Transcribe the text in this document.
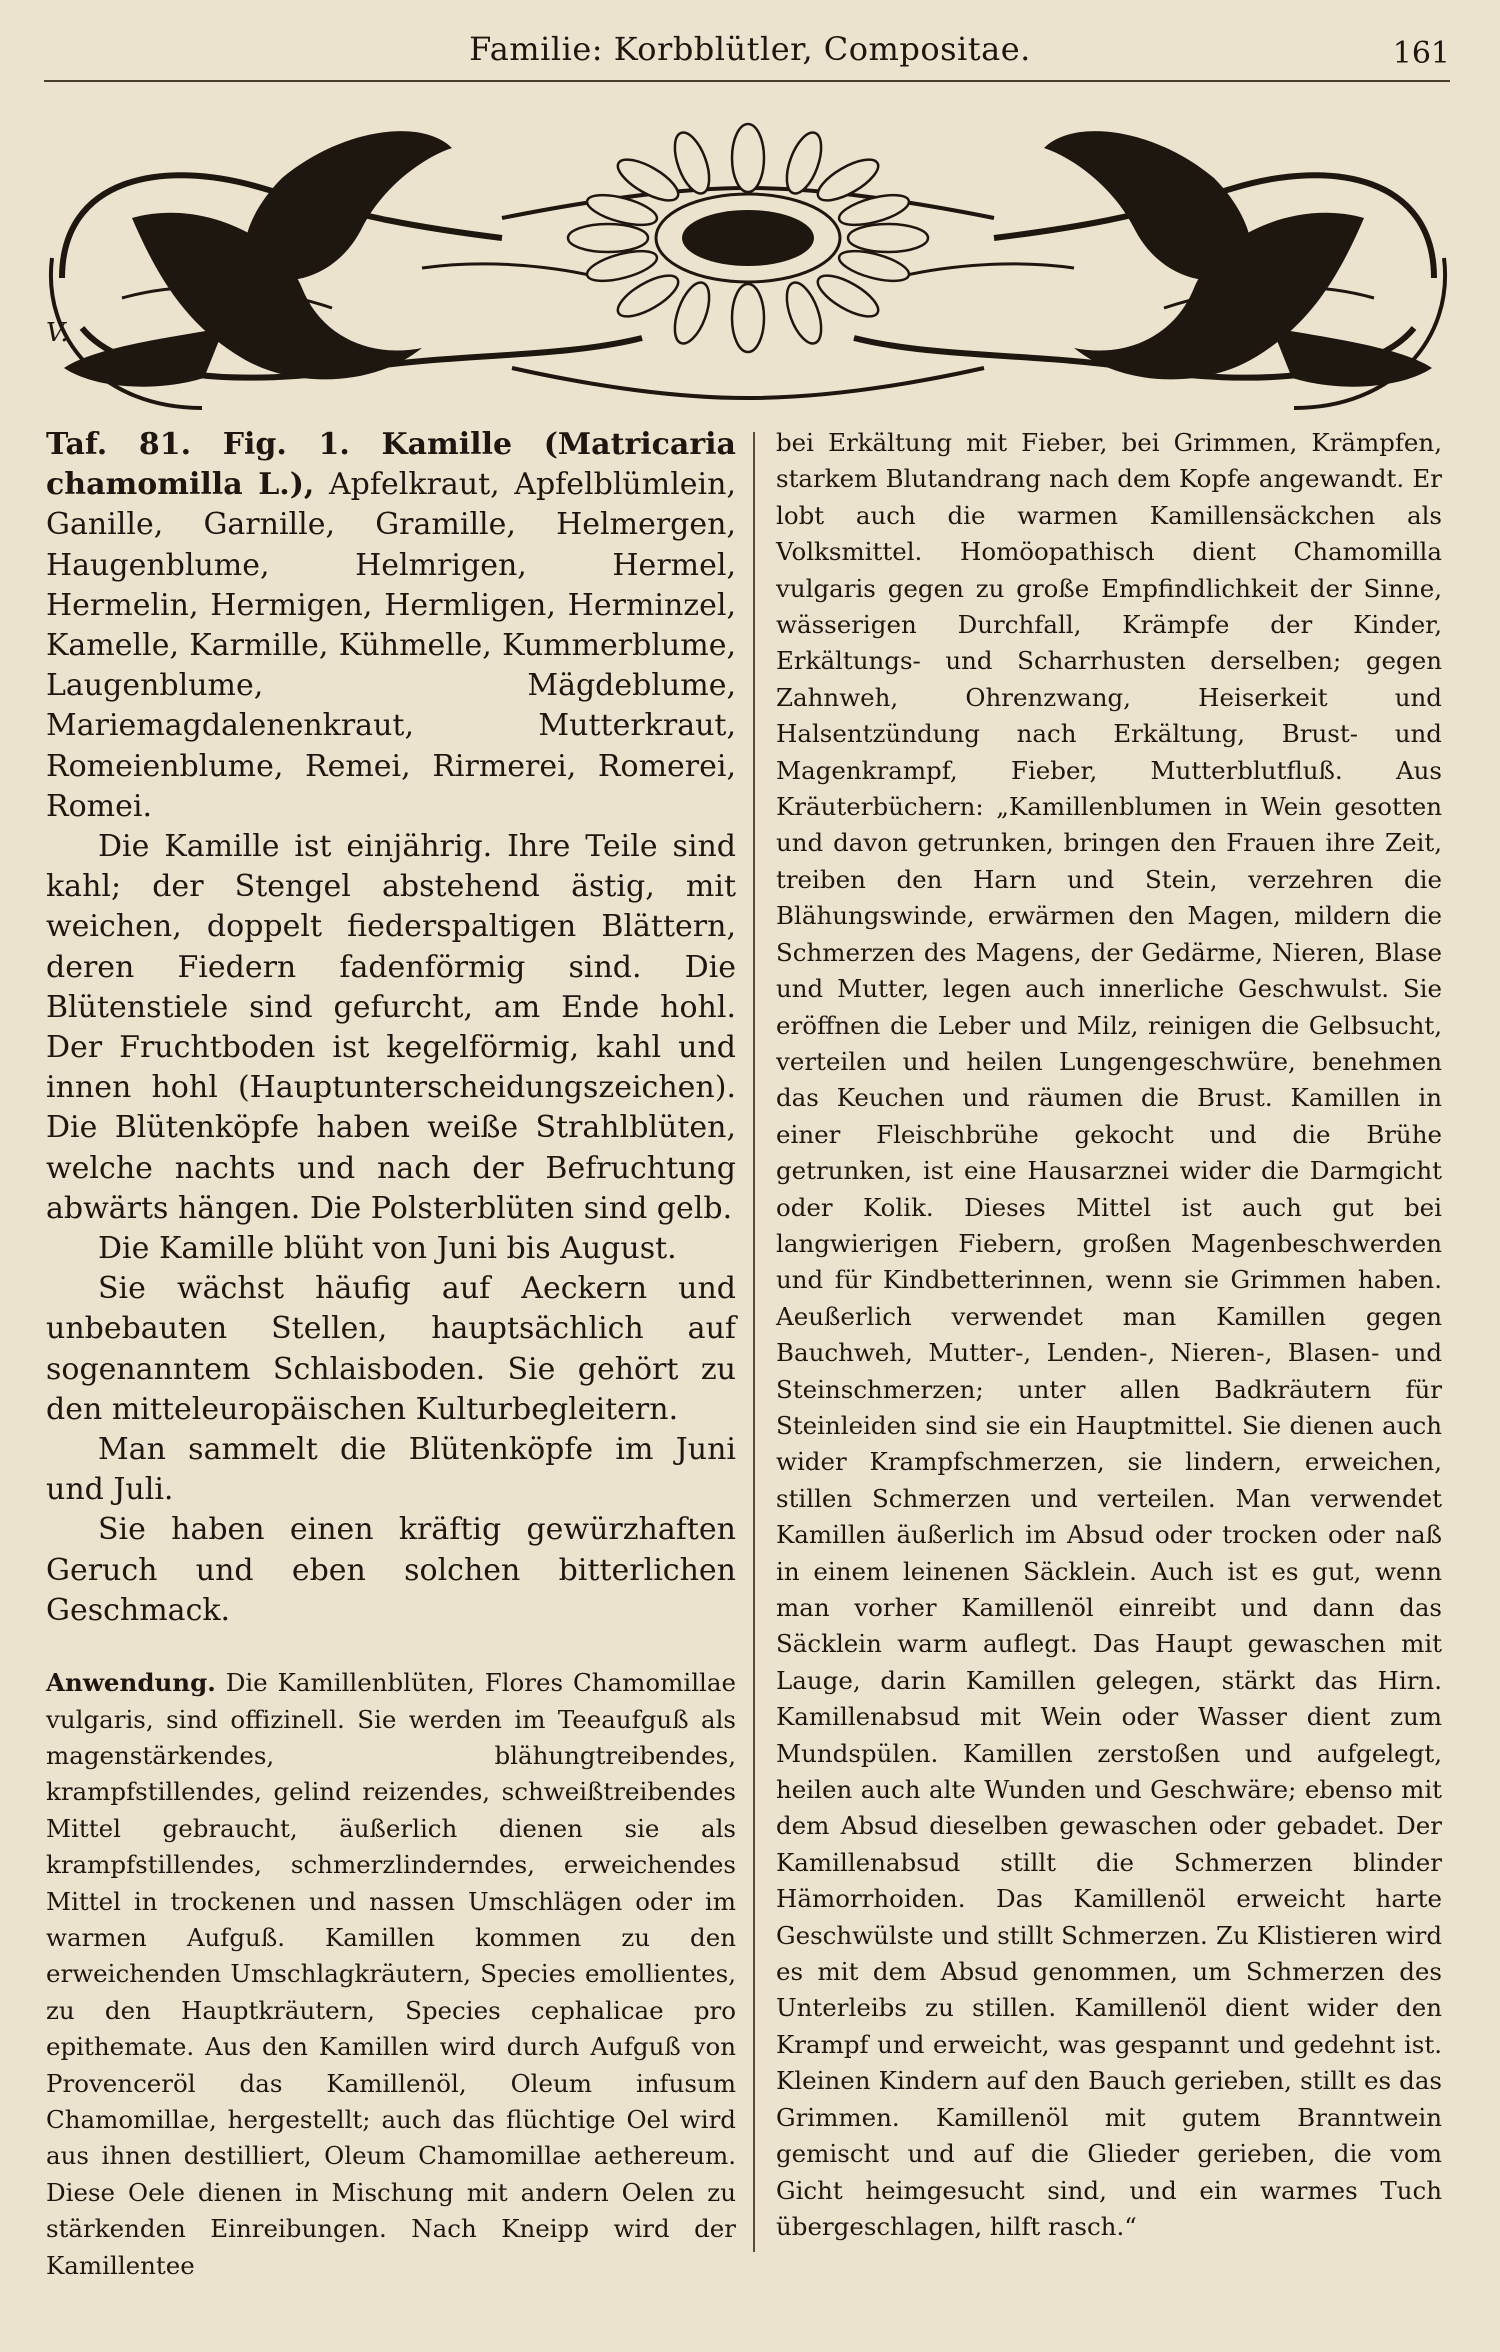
Familie: Korbblütler, Compositae.	161
V.

Taf. 81. Fig. 1. Kamille (Matricaria chamomilla L.), Apfelkraut, Apfelblümlein, Ganille, Garnille, Gramille, Helmergen, Haugenblume, Helmrigen, Hermel, Hermelin, Hermigen, Hermligen, Herminzel, Kamelle, Karmille, Kühmelle, Kummerblume, Laugenblume, Mägdeblume, Mariemagdalenenkraut, Mutterkraut, Romeienblume, Remei, Rirmerei, Romerei, Romei.

Die Kamille ist einjährig. Ihre Teile sind kahl; der Stengel abstehend ästig, mit weichen, doppelt fiederspaltigen Blättern, deren Fiedern fadenförmig sind. Die Blütenstiele sind gefurcht, am Ende hohl. Der Fruchtboden ist kegelförmig, kahl und innen hohl (Hauptunterscheidungszeichen). Die Blütenköpfe haben weiße Strahlblüten, welche nachts und nach der Befruchtung abwärts hängen. Die Polsterblüten sind gelb.

Die Kamille blüht von Juni bis August.

Sie wächst häufig auf Aeckern und unbebauten Stellen, hauptsächlich auf sogenanntem Schlaisboden. Sie gehört zu den mitteleuropäischen Kulturbegleitern.

Man sammelt die Blütenköpfe im Juni und Juli.

Sie haben einen kräftig gewürzhaften Geruch und eben solchen bitterlichen Geschmack.

Anwendung. Die Kamillenblüten, Flores Chamomillae vulgaris, sind offizinell. Sie werden im Teeaufguß als magenstärkendes, blähungtreibendes, krampfstillendes, gelind reizendes, schweißtreibendes Mittel gebraucht, äußerlich dienen sie als krampfstillendes, schmerzlinderndes, erweichendes Mittel in trockenen und nassen Umschlägen oder im warmen Aufguß. Kamillen kommen zu den erweichenden Umschlagkräutern, Species emollientes, zu den Hauptkräutern, Species cephalicae pro epithemate. Aus den Kamillen wird durch Aufguß von Provenceröl das Kamillenöl, Oleum infusum Chamomillae, hergestellt; auch das flüchtige Oel wird aus ihnen destilliert, Oleum Chamomillae aethereum. Diese Oele dienen in Mischung mit andern Oelen zu stärkenden Einreibungen. Nach Kneipp wird der Kamillentee

bei Erkältung mit Fieber, bei Grimmen, Krämpfen, starkem Blutandrang nach dem Kopfe angewandt. Er lobt auch die warmen Kamillensäckchen als Volksmittel. Homöopathisch dient Chamomilla vulgaris gegen zu große Empfindlichkeit der Sinne, wässerigen Durchfall, Krämpfe der Kinder, Erkältungs- und Scharrhusten derselben; gegen Zahnweh, Ohrenzwang, Heiserkeit und Halsentzündung nach Erkältung, Brust- und Magenkrampf, Fieber, Mutterblutfluß. Aus Kräuterbüchern: „Kamillenblumen in Wein gesotten und davon getrunken, bringen den Frauen ihre Zeit, treiben den Harn und Stein, verzehren die Blähungswinde, erwärmen den Magen, mildern die Schmerzen des Magens, der Gedärme, Nieren, Blase und Mutter, legen auch innerliche Geschwulst. Sie eröffnen die Leber und Milz, reinigen die Gelbsucht, verteilen und heilen Lungengeschwüre, benehmen das Keuchen und räumen die Brust. Kamillen in einer Fleischbrühe gekocht und die Brühe getrunken, ist eine Hausarznei wider die Darmgicht oder Kolik. Dieses Mittel ist auch gut bei langwierigen Fiebern, großen Magenbeschwerden und für Kindbetterinnen, wenn sie Grimmen haben. Aeußerlich verwendet man Kamillen gegen Bauchweh, Mutter-, Lenden-, Nieren-, Blasen- und Steinschmerzen; unter allen Badkräutern für Steinleiden sind sie ein Hauptmittel. Sie dienen auch wider Krampfschmerzen, sie lindern, erweichen, stillen Schmerzen und verteilen. Man verwendet Kamillen äußerlich im Absud oder trocken oder naß in einem leinenen Säcklein. Auch ist es gut, wenn man vorher Kamillenöl einreibt und dann das Säcklein warm auflegt. Das Haupt gewaschen mit Lauge, darin Kamillen gelegen, stärkt das Hirn. Kamillenabsud mit Wein oder Wasser dient zum Mundspülen. Kamillen zerstoßen und aufgelegt, heilen auch alte Wunden und Geschwäre; ebenso mit dem Absud dieselben gewaschen oder gebadet. Der Kamillenabsud stillt die Schmerzen blinder Hämorrhoiden. Das Kamillenöl erweicht harte Geschwülste und stillt Schmerzen. Zu Klistieren wird es mit dem Absud genommen, um Schmerzen des Unterleibs zu stillen. Kamillenöl dient wider den Krampf und erweicht, was gespannt und gedehnt ist. Kleinen Kindern auf den Bauch gerieben, stillt es das Grimmen. Kamillenöl mit gutem Branntwein gemischt und auf die Glieder gerieben, die vom Gicht heimgesucht sind, und ein warmes Tuch übergeschlagen, hilft rasch.“
